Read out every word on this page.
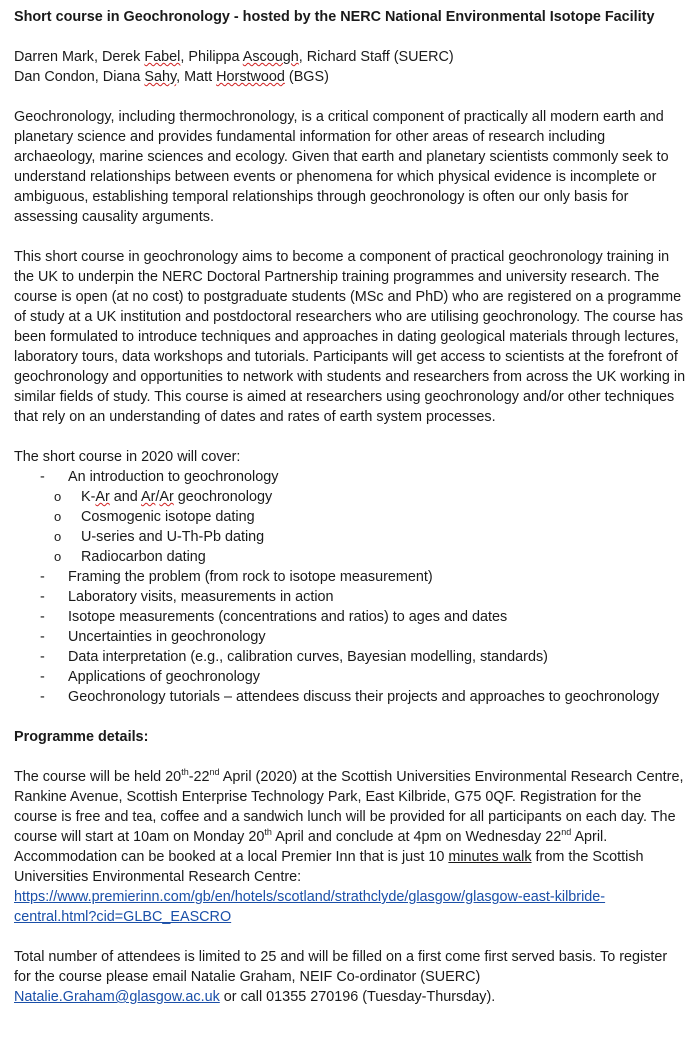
Short course in Geochronology - hosted by the NERC National Environmental Isotope Facility
Darren Mark, Derek Fabel, Philippa Ascough, Richard Staff (SUERC)
Dan Condon, Diana Sahy, Matt Horstwood (BGS)

Geochronology, including thermochronology, is a critical component of practically all modern earth and planetary science and provides fundamental information for other areas of research including archaeology, marine sciences and ecology. Given that earth and planetary scientists commonly seek to understand relationships between events or phenomena for which physical evidence is incomplete or ambiguous, establishing temporal relationships through geochronology is often our only basis for assessing causality arguments.

This short course in geochronology aims to become a component of practical geochronology training in the UK to underpin the NERC Doctoral Partnership training programmes and university research. The course is open (at no cost) to postgraduate students (MSc and PhD) who are registered on a programme of study at a UK institution and postdoctoral researchers who are utilising geochronology. The course has been formulated to introduce techniques and approaches in dating geological materials through lectures, laboratory tours, data workshops and tutorials. Participants will get access to scientists at the forefront of geochronology and opportunities to network with students and researchers from across the UK working in similar fields of study. This course is aimed at researchers using geochronology and/or other techniques that rely on an understanding of dates and rates of earth system processes.

The short course in 2020 will cover:
- An introduction to geochronology
o K-Ar and Ar/Ar geochronology
o Cosmogenic isotope dating
o U-series and U-Th-Pb dating
o Radiocarbon dating
- Framing the problem (from rock to isotope measurement)
- Laboratory visits, measurements in action
- Isotope measurements (concentrations and ratios) to ages and dates
- Uncertainties in geochronology
- Data interpretation (e.g., calibration curves, Bayesian modelling, standards)
- Applications of geochronology
- Geochronology tutorials – attendees discuss their projects and approaches to geochronology
Programme details:

The course will be held 20th-22nd April (2020) at the Scottish Universities Environmental Research Centre, Rankine Avenue, Scottish Enterprise Technology Park, East Kilbride, G75 0QF. Registration for the course is free and tea, coffee and a sandwich lunch will be provided for all participants on each day. The course will start at 10am on Monday 20th April and conclude at 4pm on Wednesday 22nd April. Accommodation can be booked at a local Premier Inn that is just 10 minutes walk from the Scottish Universities Environmental Research Centre: https://www.premierinn.com/gb/en/hotels/scotland/strathclyde/glasgow/glasgow-east-kilbride-central.html?cid=GLBC_EASCRO

Total number of attendees is limited to 25 and will be filled on a first come first served basis. To register for the course please email Natalie Graham, NEIF Co-ordinator (SUERC) Natalie.Graham@glasgow.ac.uk or call 01355 270196 (Tuesday-Thursday).
